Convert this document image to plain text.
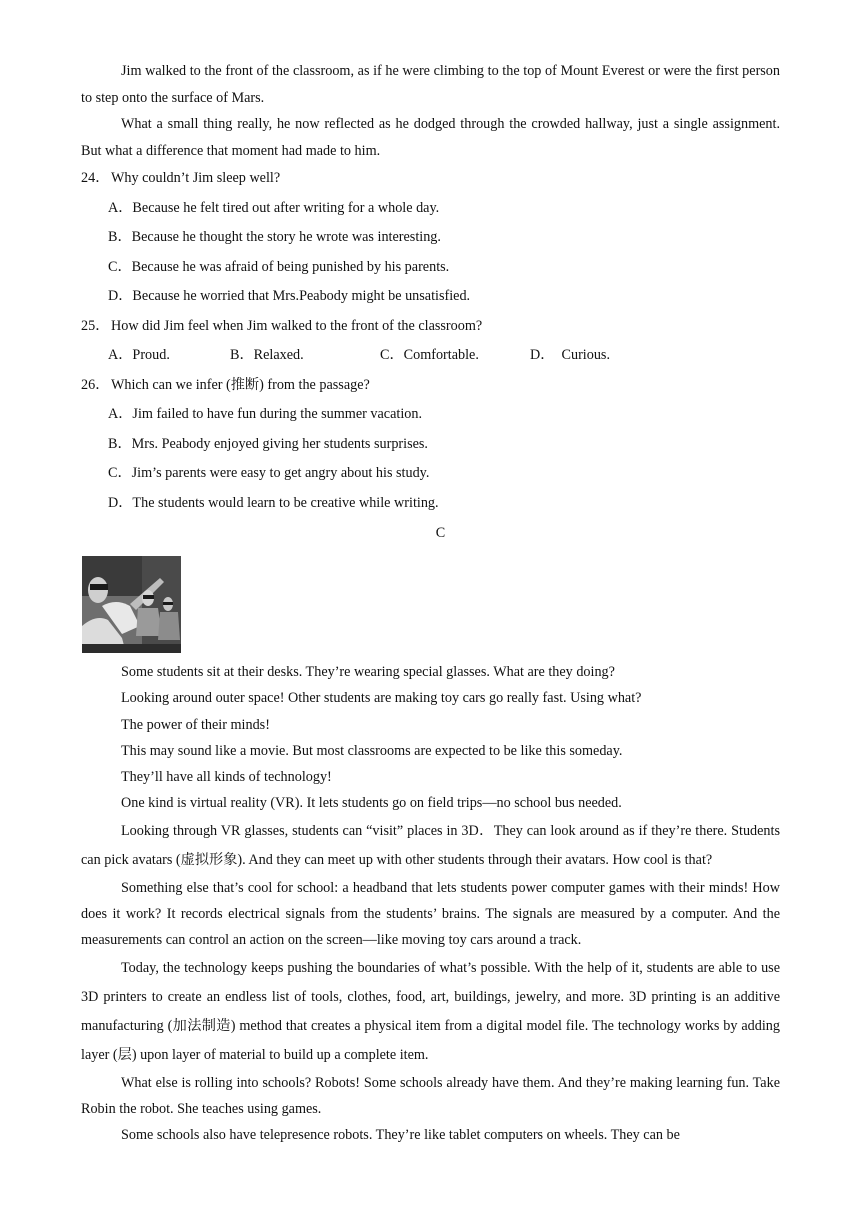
Jim walked to the front of the classroom, as if he were climbing to the top of Mount Everest or were the first person to step onto the surface of Mars.

What a small thing really, he now reflected as he dodged through the crowded hallway, just a single assignment. But what a difference that moment had made to him.

24． Why couldn’t Jim sleep well?

A．Because he felt tired out after writing for a whole day.

B．Because he thought the story he wrote was interesting.

C．Because he was afraid of being punished by his parents.

D．Because he worried that Mrs.Peabody might be unsatisfied.

25． How did Jim feel when Jim walked to the front of the classroom?

A．Proud.	B．Relaxed.	C．Comfortable.	D．　Curious.

26． Which can we infer (推断) from the passage?

A．Jim failed to have fun during the summer vacation.

B．Mrs. Peabody enjoyed giving her students surprises.

C．Jim’s parents were easy to get angry about his study.

D．The students would learn to be creative while writing.

C

Some students sit at their desks. They’re wearing special glasses. What are they doing?

Looking around outer space! Other students are making toy cars go really fast. Using what?

The power of their minds!

This may sound like a movie. But most classrooms are expected to be like this someday.

They’ll have all kinds of technology!

One kind is virtual reality (VR). It lets students go on field trips—no school bus needed.

Looking through VR glasses, students can “visit” places in 3D．They can look around as if they’re there. Students can pick avatars (虚拟形象). And they can meet up with other students through their avatars. How cool is that?

Something else that’s cool for school: a headband that lets students power computer games with their minds! How does it work? It records electrical signals from the students’ brains. The signals are measured by a computer. And the measurements can control an action on the screen—like moving toy cars around a track.

Today, the technology keeps pushing the boundaries of what’s possible. With the help of it, students are able to use 3D printers to create an endless list of tools, clothes, food, art, buildings, jewelry, and more. 3D printing is an additive manufacturing (加法制造) method that creates a physical item from a digital model file. The technology works by adding layer (层) upon layer of material to build up a complete item.

What else is rolling into schools? Robots! Some schools already have them. And they’re making learning fun. Take Robin the robot. She teaches using games.

Some schools also have telepresence robots. They’re like tablet computers on wheels. They can be
